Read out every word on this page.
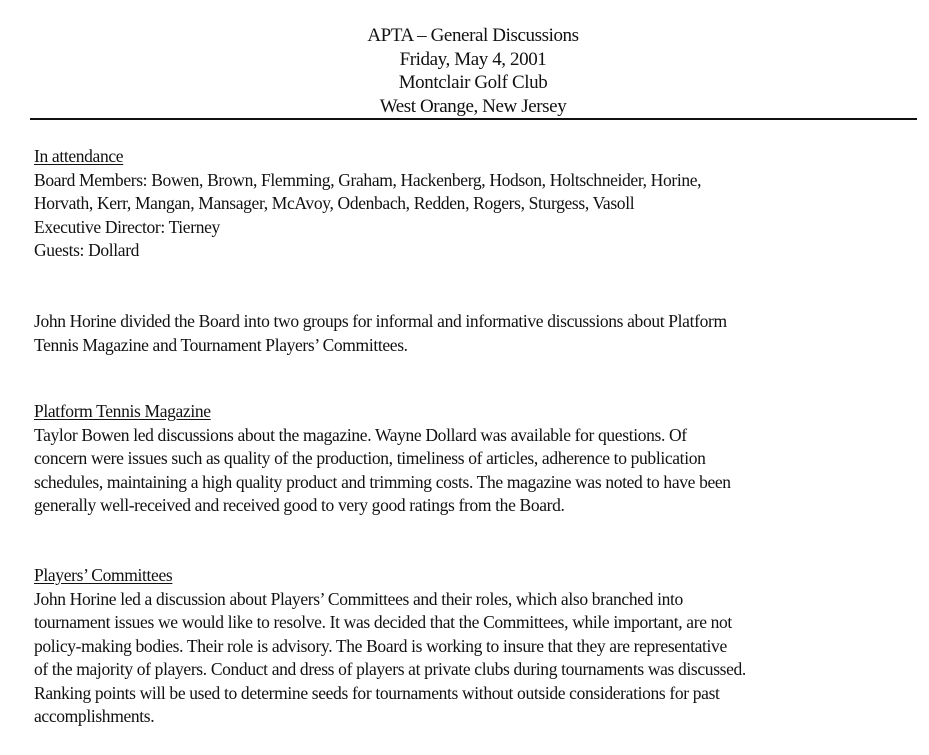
APTA – General Discussions
Friday, May 4, 2001
Montclair Golf Club
West Orange, New Jersey
In attendance
Board Members: Bowen, Brown, Flemming, Graham, Hackenberg, Hodson, Holtschneider, Horine,
Horvath, Kerr, Mangan, Mansager, McAvoy, Odenbach, Redden, Rogers, Sturgess, Vasoll
Executive Director: Tierney
Guests: Dollard
John Horine divided the Board into two groups for informal and informative discussions about Platform
Tennis Magazine and Tournament Players’ Committees.
Platform Tennis Magazine
Taylor Bowen led discussions about the magazine. Wayne Dollard was available for questions. Of
concern were issues such as quality of the production, timeliness of articles, adherence to publication
schedules, maintaining a high quality product and trimming costs. The magazine was noted to have been
generally well-received and received good to very good ratings from the Board.
Players’ Committees
John Horine led a discussion about Players’ Committees and their roles, which also branched into
tournament issues we would like to resolve. It was decided that the Committees, while important, are not
policy-making bodies. Their role is advisory. The Board is working to insure that they are representative
of the majority of players. Conduct and dress of players at private clubs during tournaments was discussed.
Ranking points will be used to determine seeds for tournaments without outside considerations for past
accomplishments.
